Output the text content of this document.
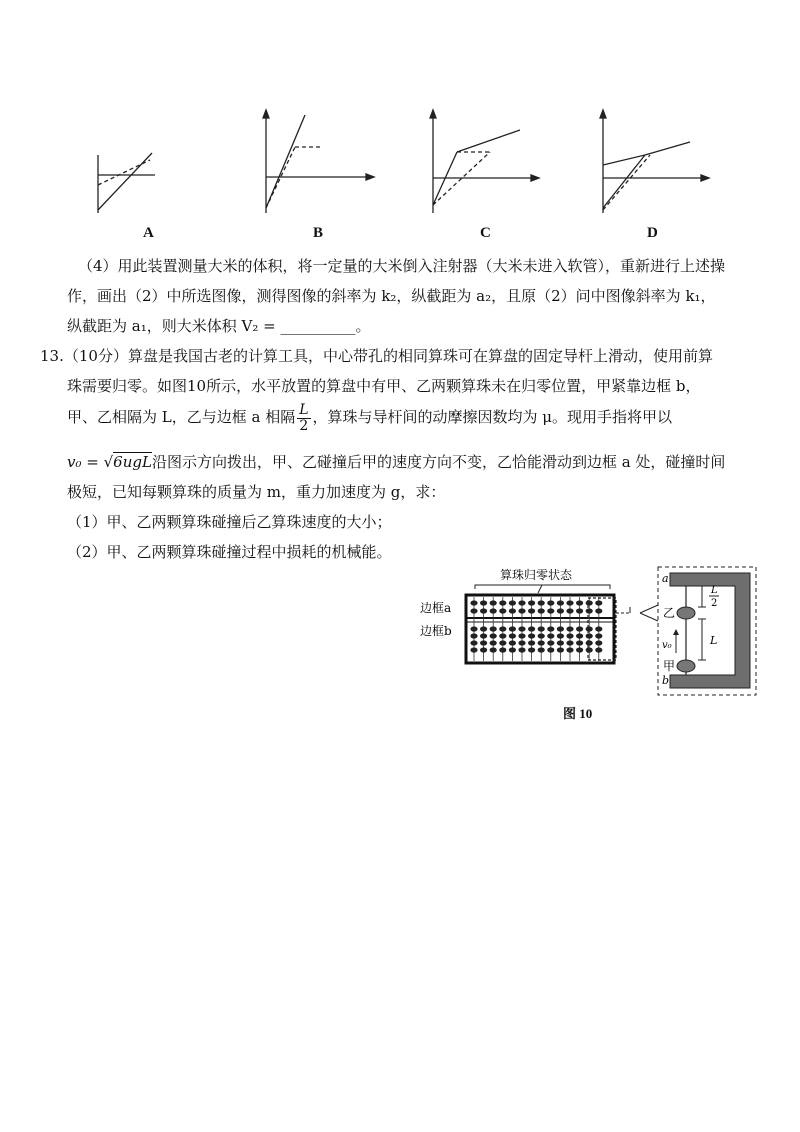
A	B	C	D
（4）用此装置测量大米的体积，将一定量的大米倒入注射器（大米未进入软管），重新进行上述操
作，画出（2）中所选图像，测得图像的斜率为 k₂，纵截距为 a₂，且原（2）问中图像斜率为 k₁，
纵截距为 a₁，则大米体积 V₂ = __________。
13.（10分）算盘是我国古老的计算工具，中心带孔的相同算珠可在算盘的固定导杆上滑动，使用前算
珠需要归零。如图10所示，水平放置的算盘中有甲、乙两颗算珠未在归零位置，甲紧靠边框 b，
甲、乙相隔为 L，乙与边框 a 相隔 $\frac{L}{2}$ ，算珠与导杆间的动摩擦因数均为 μ。现用手指将甲以
v₀ = √6ugL沿图示方向拨出，甲、乙碰撞后甲的速度方向不变，乙恰能滑动到边框 a 处，碰撞时间
极短，已知每颗算珠的质量为 m，重力加速度为 g，求：
（1）甲、乙两颗算珠碰撞后乙算珠速度的大小；
（2）甲、乙两颗算珠碰撞过程中损耗的机械能。
算珠归零状态
边框a
边框b
a
b
乙
甲
v₀
L
2
L
图 10
